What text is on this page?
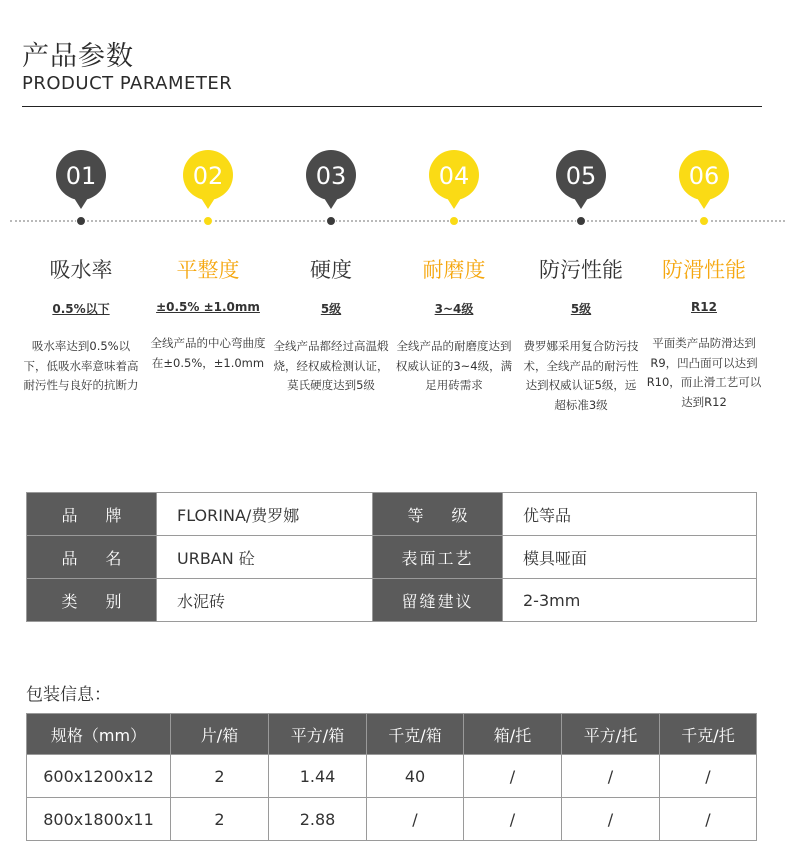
产品参数
PRODUCT PARAMETER
01
吸水率
0.5%以下
吸水率达到0.5%以下，低吸水率意味着高耐污性与良好的抗断力
02
平整度
±0.5% ±1.0mm
全线产品的中心弯曲度在±0.5%，±1.0mm
03
硬度
5级
全线产品都经过高温煅烧，经权威检测认证，莫氏硬度达到5级
04
耐磨度
3~4级
全线产品的耐磨度达到权威认证的3~4级，满足用砖需求
05
防污性能
5级
费罗娜采用复合防污技术，全线产品的耐污性达到权威认证5级，远超标准3级
06
防滑性能
R12
平面类产品防滑达到R9，凹凸面可以达到R10，而止滑工艺可以达到R12
品牌	FLORINA/费罗娜	等级	优等品
品名	URBAN 砼	表面工艺	模具哑面
类别	水泥砖	留缝建议	2-3mm
包装信息：
规格（mm）	片/箱	平方/箱	千克/箱	箱/托	平方/托	千克/托
600x1200x12	2	1.44	40	/	/	/
800x1800x11	2	2.88	/	/	/	/
